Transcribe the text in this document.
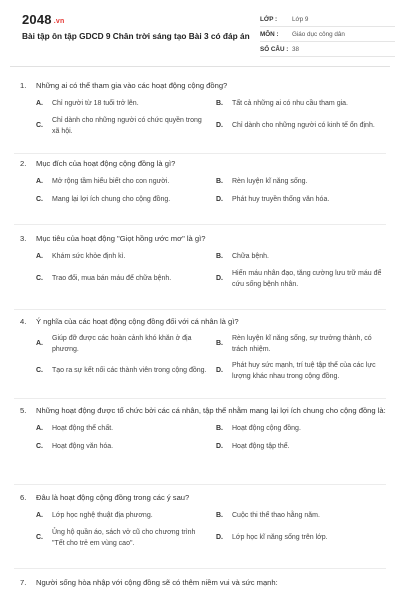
2048 .vn
Bài tập ôn tập GDCD 9 Chân trời sáng tạo Bài 3 có đáp án
LỚP :	Lớp 9
MÔN :	Giáo dục công dân
SỐ CÂU : 38
1.	Những ai có thể tham gia vào các hoạt động cộng đồng?
A.	Chỉ người từ 18 tuổi trở lên.	B.	Tất cả những ai có nhu cầu tham gia.
C.
Chỉ dành cho những người có chức quyền trong xã hội.
D.	Chỉ dành cho những người có kinh tế ổn định.
2.	Mục đích của hoạt động cộng đồng là gì?
A.	Mở rộng tầm hiểu biết cho con người.	B.	Rèn luyện kĩ năng sống.
C.	Mang lại lợi ích chung cho cộng đồng.	D.	Phát huy truyền thống văn hóa.
3.	Mục tiêu của hoạt động "Giọt hồng ước mơ" là gì?
A.	Khám sức khỏe định kì.	B.	Chữa bệnh.
C.	Trao đổi, mua bán máu để chữa bệnh.	D.
Hiến máu nhân đạo, tăng cường lưu trữ máu để cứu sống bệnh nhân.
4.	Ý nghĩa của các hoạt động cộng đồng đối với cá nhân là gì?
A.
Giúp đỡ được các hoàn cảnh khó khăn ở địa phương.
B.
Rèn luyện kĩ năng sống, sự trưởng thành, có trách nhiệm.
C.	Tạo ra sự kết nối các thành viên trong cộng đồng. D.
Phát huy sức mạnh, trí tuệ tập thể của các lực lượng khác nhau trong cộng đồng.
5.	Những hoạt động được tổ chức bởi các cá nhân, tập thể nhằm mang lại lợi ích chung cho cộng đồng là:
A.	Hoạt động thể chất.	B.	Hoạt động cộng đồng.
C.	Hoạt động văn hóa.	D.	Hoạt động tập thể.
6.	Đâu là hoạt động cộng đồng trong các ý sau?
A.	Lớp học nghệ thuật địa phương.	B.	Cuộc thi thể thao hằng năm.
C.
Ủng hộ quần áo, sách vở cũ cho chương trình "Tết cho trẻ em vùng cao".
D.	Lớp học kĩ năng sống trên lớp.
7.	Người sống hòa nhập với cộng đồng sẽ có thêm niềm vui và sức mạnh:
